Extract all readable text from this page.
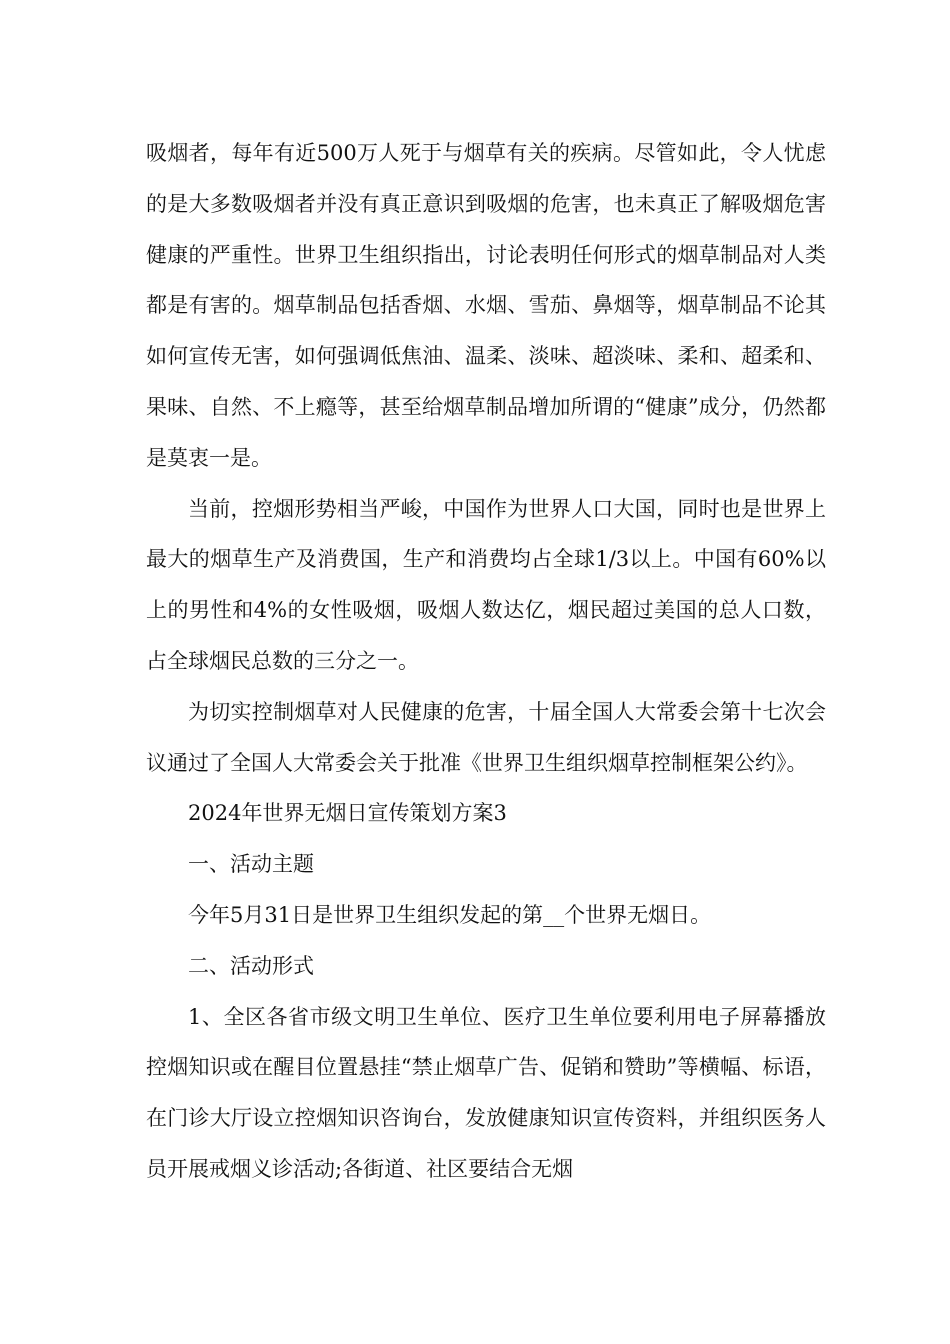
吸烟者，每年有近500万人死于与烟草有关的疾病。尽管如此，令人忧虑的是大多数吸烟者并没有真正意识到吸烟的危害，也未真正了解吸烟危害健康的严重性。世界卫生组织指出，讨论表明任何形式的烟草制品对人类都是有害的。烟草制品包括香烟、水烟、雪茄、鼻烟等，烟草制品不论其如何宣传无害，如何强调低焦油、温柔、淡味、超淡味、柔和、超柔和、果味、自然、不上瘾等，甚至给烟草制品增加所谓的“健康”成分，仍然都是莫衷一是。

当前，控烟形势相当严峻，中国作为世界人口大国，同时也是世界上最大的烟草生产及消费国，生产和消费均占全球1/3以上。中国有60%以上的男性和4%的女性吸烟，吸烟人数达亿，烟民超过美国的总人口数，占全球烟民总数的三分之一。

为切实控制烟草对人民健康的危害，十届全国人大常委会第十七次会议通过了全国人大常委会关于批准《世界卫生组织烟草控制框架公约》。

2024年世界无烟日宣传策划方案3

一、活动主题

今年5月31日是世界卫生组织发起的第__个世界无烟日。

二、活动形式

1、全区各省市级文明卫生单位、医疗卫生单位要利用电子屏幕播放控烟知识或在醒目位置悬挂“禁止烟草广告、促销和赞助”等横幅、标语，在门诊大厅设立控烟知识咨询台，发放健康知识宣传资料，并组织医务人员开展戒烟义诊活动;各街道、社区要结合无烟
